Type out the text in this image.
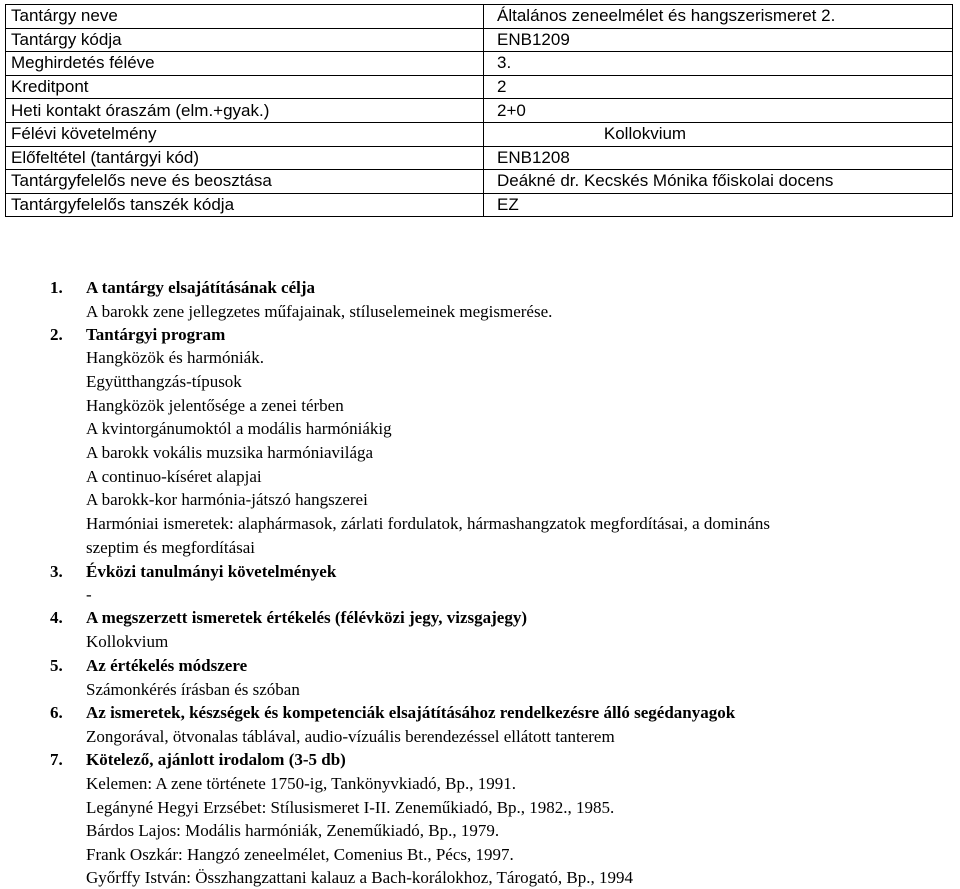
Tantárgy neve	Általános zeneelmélet és hangszerismeret 2.
Tantárgy kódja	ENB1209
Meghirdetés féléve	3.
Kreditpont	2
Heti kontakt óraszám (elm.+gyak.)	2+0
Félévi követelmény	Kollokvium
Előfeltétel (tantárgyi kód)	ENB1208
Tantárgyfelelős neve és beosztása	Deákné dr. Kecskés Mónika főiskolai docens
Tantárgyfelelős tanszék kódja	EZ
1. A tantárgy elsajátításának célja
A barokk zene jellegzetes műfajainak, stíluselemeinek megismerése.
2. Tantárgyi program
Hangközök és harmóniák.
Együtthangzás-típusok
Hangközök jelentősége a zenei térben
A kvintorgánumoktól a modális harmóniákig
A barokk vokális muzsika harmóniavilága
A continuo-kíséret alapjai
A barokk-kor harmónia-játszó hangszerei
Harmóniai ismeretek: alaphármasok, zárlati fordulatok, hármashangzatok megfordításai, a domináns
szeptim és megfordításai
3. Évközi tanulmányi követelmények
-
4. A megszerzett ismeretek értékelés (félévközi jegy, vizsgajegy)
Kollokvium
5. Az értékelés módszere
Számonkérés írásban és szóban
6. Az ismeretek, készségek és kompetenciák elsajátításához rendelkezésre álló segédanyagok
Zongorával, ötvonalas táblával, audio-vízuális berendezéssel ellátott tanterem
7. Kötelező, ajánlott irodalom (3-5 db)
Kelemen: A zene története 1750-ig, Tankönyvkiadó, Bp., 1991.
Legányné Hegyi Erzsébet: Stílusismeret I-II. Zeneműkiadó, Bp., 1982., 1985.
Bárdos Lajos: Modális harmóniák, Zeneműkiadó, Bp., 1979.
Frank Oszkár: Hangzó zeneelmélet, Comenius Bt., Pécs, 1997.
Győrffy István: Összhangzattani kalauz a Bach-korálokhoz, Tárogató, Bp., 1994
